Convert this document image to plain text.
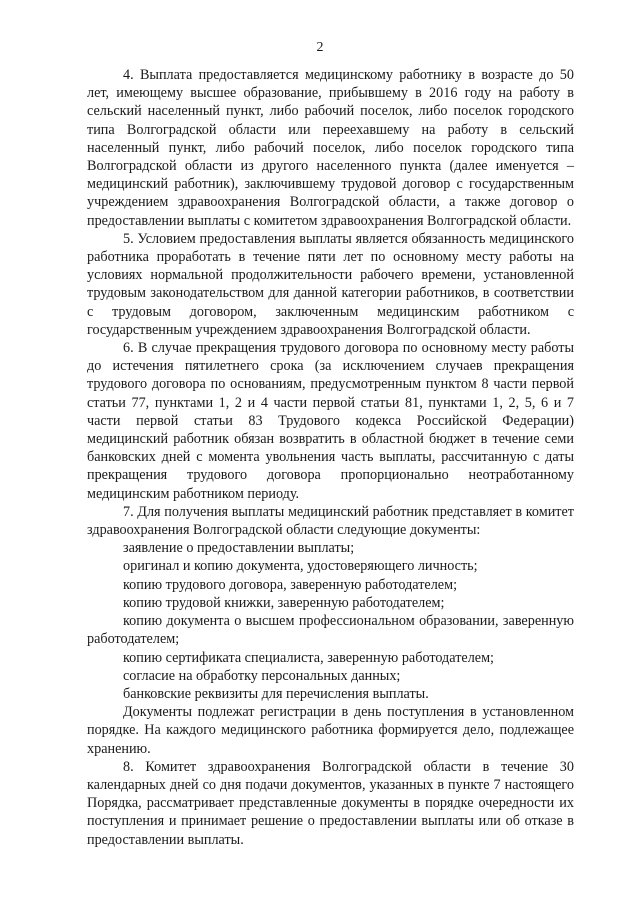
2

4. Выплата предоставляется медицинскому работнику в возрасте до 50 лет, имеющему высшее образование, прибывшему в 2016 году на работу в сельский населенный пункт, либо рабочий поселок, либо поселок городского типа Волгоградской области или переехавшему на работу в сельский населенный пункт, либо рабочий поселок, либо поселок городского типа Волгоградской области из другого населенного пункта (далее именуется – медицинский работник), заключившему трудовой договор с государственным учреждением здравоохранения Волгоградской области, а также договор о предоставлении выплаты с комитетом здравоохранения Волгоградской области.

5. Условием предоставления выплаты является обязанность медицинского работника проработать в течение пяти лет по основному месту работы на условиях нормальной продолжительности рабочего времени, установленной трудовым законодательством для данной категории работников, в соответствии с трудовым договором, заключенным медицинским работником с государственным учреждением здравоохранения Волгоградской области.

6. В случае прекращения трудового договора по основному месту работы до истечения пятилетнего срока (за исключением случаев прекращения трудового договора по основаниям, предусмотренным пунктом 8 части первой статьи 77, пунктами 1, 2 и 4 части первой статьи 81, пунктами 1, 2, 5, 6 и 7 части первой статьи 83 Трудового кодекса Российской Федерации) медицинский работник обязан возвратить в областной бюджет в течение семи банковских дней с момента увольнения часть выплаты, рассчитанную с даты прекращения трудового договора пропорционально неотработанному медицинским работником периоду.

7. Для получения выплаты медицинский работник представляет в комитет здравоохранения Волгоградской области следующие документы:

заявление о предоставлении выплаты;

оригинал и копию документа, удостоверяющего личность;

копию трудового договора, заверенную работодателем;

копию трудовой книжки, заверенную работодателем;

копию документа о высшем профессиональном образовании, заверенную работодателем;

копию сертификата специалиста, заверенную работодателем;

согласие на обработку персональных данных;

банковские реквизиты для перечисления выплаты.

Документы подлежат регистрации в день поступления в установленном порядке. На каждого медицинского работника формируется дело, подлежащее хранению.

8. Комитет здравоохранения Волгоградской области в течение 30 календарных дней со дня подачи документов, указанных в пункте 7 настоящего Порядка, рассматривает представленные документы в порядке очередности их поступления и принимает решение о предоставлении выплаты или об отказе в предоставлении выплаты.
